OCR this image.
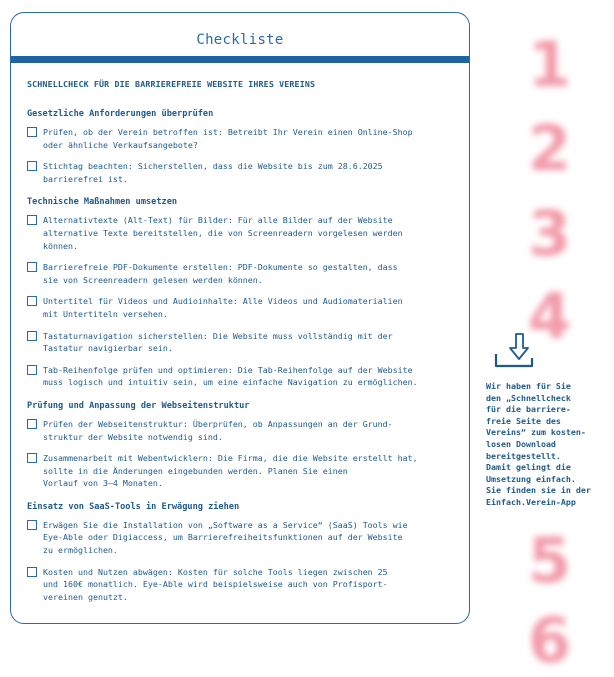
Checkliste
SCHNELLCHECK FÜR DIE BARRIEREFREIE WEBSITE IHRES VEREINS
Gesetzliche Anforderungen überprüfen
Prüfen, ob der Verein betroffen ist: Betreibt Ihr Verein einen Online-Shop
oder ähnliche Verkaufsangebote?
Stichtag beachten: Sicherstellen, dass die Website bis zum 28.6.2025
barrierefrei ist.
Technische Maßnahmen umsetzen
Alternativtexte (Alt-Text) für Bilder: Für alle Bilder auf der Website
alternative Texte bereitstellen, die von Screenreadern vorgelesen werden
können.
Barrierefreie PDF-Dokumente erstellen: PDF-Dokumente so gestalten, dass
sie von Screenreadern gelesen werden können.
Untertitel für Videos und Audioinhalte: Alle Videos und Audiomaterialien
mit Untertiteln versehen.
Tastaturnavigation sicherstellen: Die Website muss vollständig mit der
Tastatur navigierbar sein.
Tab-Reihenfolge prüfen und optimieren: Die Tab-Reihenfolge auf der Website
muss logisch und intuitiv sein, um eine einfache Navigation zu ermöglichen.
Prüfung und Anpassung der Webseitenstruktur
Prüfen der Webseitenstruktur: Überprüfen, ob Anpassungen an der Grund-
struktur der Website notwendig sind.
Zusammenarbeit mit Webentwicklern: Die Firma, die die Website erstellt hat,
sollte in die Änderungen eingebunden werden. Planen Sie einen
Vorlauf von 3–4 Monaten.
Einsatz von SaaS-Tools in Erwägung ziehen
Erwägen Sie die Installation von „Software as a Service“ (SaaS) Tools wie
Eye-Able oder Digiaccess, um Barrierefreiheitsfunktionen auf der Website
zu ermöglichen.
Kosten und Nutzen abwägen: Kosten für solche Tools liegen zwischen 25
und 160€ monatlich. Eye-Able wird beispielsweise auch von Profisport-
vereinen genutzt.
1
2
3
4
5
6
Wir haben für Sie
den „Schnellcheck
für die barriere-
freie Seite des
Vereins“ zum kosten-
losen Download
bereitgestellt.
Damit gelingt die
Umsetzung einfach.
Sie finden sie in der
Einfach.Verein-App
